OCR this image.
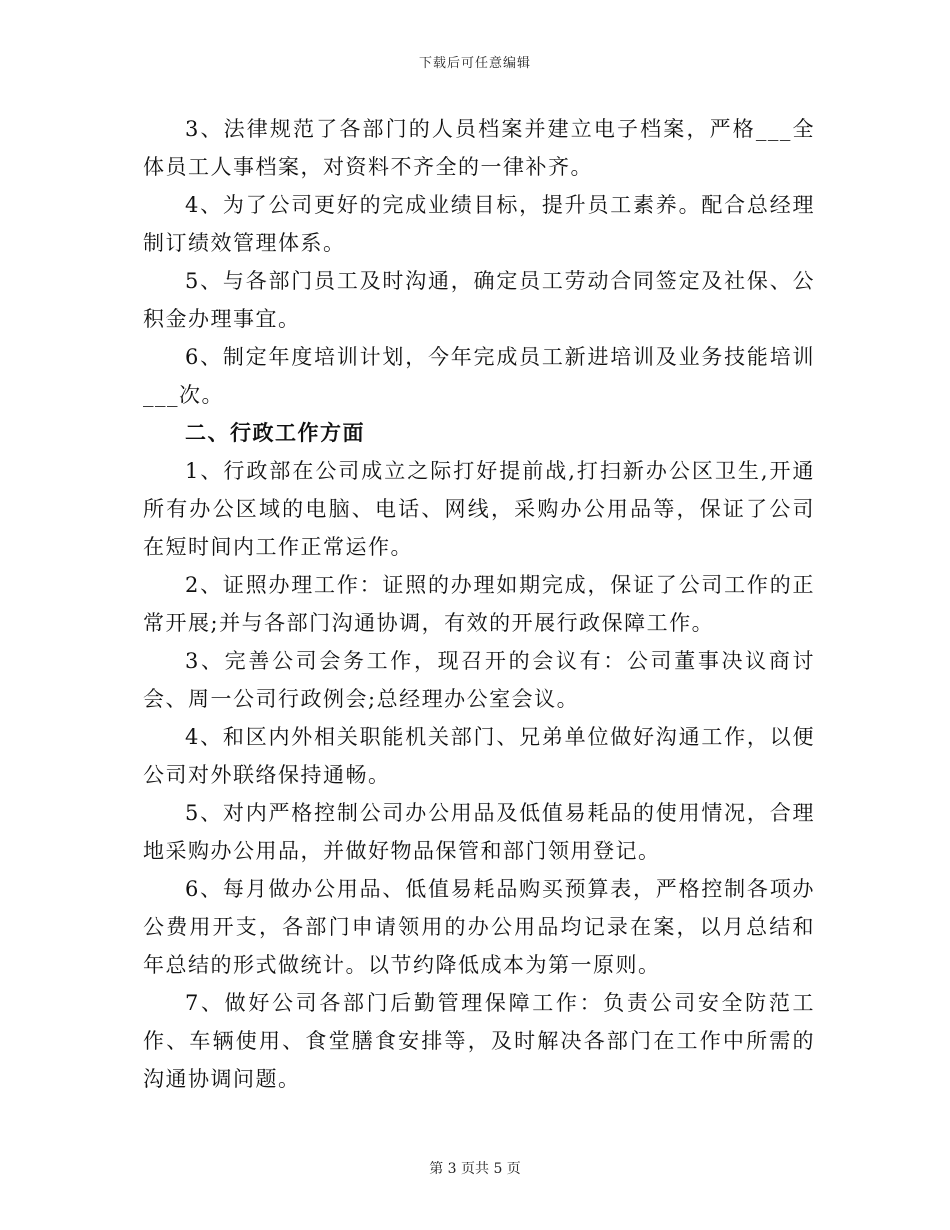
下载后可任意编辑

3、法律规范了各部门的人员档案并建立电子档案，严格___全体员工人事档案，对资料不齐全的一律补齐。

4、为了公司更好的完成业绩目标，提升员工素养。配合总经理制订绩效管理体系。

5、与各部门员工及时沟通，确定员工劳动合同签定及社保、公积金办理事宜。

6、制定年度培训计划，今年完成员工新进培训及业务技能培训___次。

二、行政工作方面

1、行政部在公司成立之际打好提前战,打扫新办公区卫生,开通所有办公区域的电脑、电话、网线，采购办公用品等，保证了公司在短时间内工作正常运作。

2、证照办理工作：证照的办理如期完成，保证了公司工作的正常开展;并与各部门沟通协调，有效的开展行政保障工作。

3、完善公司会务工作，现召开的会议有：公司董事决议商讨会、周一公司行政例会;总经理办公室会议。

4、和区内外相关职能机关部门、兄弟单位做好沟通工作，以便公司对外联络保持通畅。

5、对内严格控制公司办公用品及低值易耗品的使用情况，合理地采购办公用品，并做好物品保管和部门领用登记。

6、每月做办公用品、低值易耗品购买预算表，严格控制各项办公费用开支，各部门申请领用的办公用品均记录在案，以月总结和年总结的形式做统计。以节约降低成本为第一原则。

7、做好公司各部门后勤管理保障工作：负责公司安全防范工作、车辆使用、食堂膳食安排等，及时解决各部门在工作中所需的沟通协调问题。

第 3 页共 5 页
